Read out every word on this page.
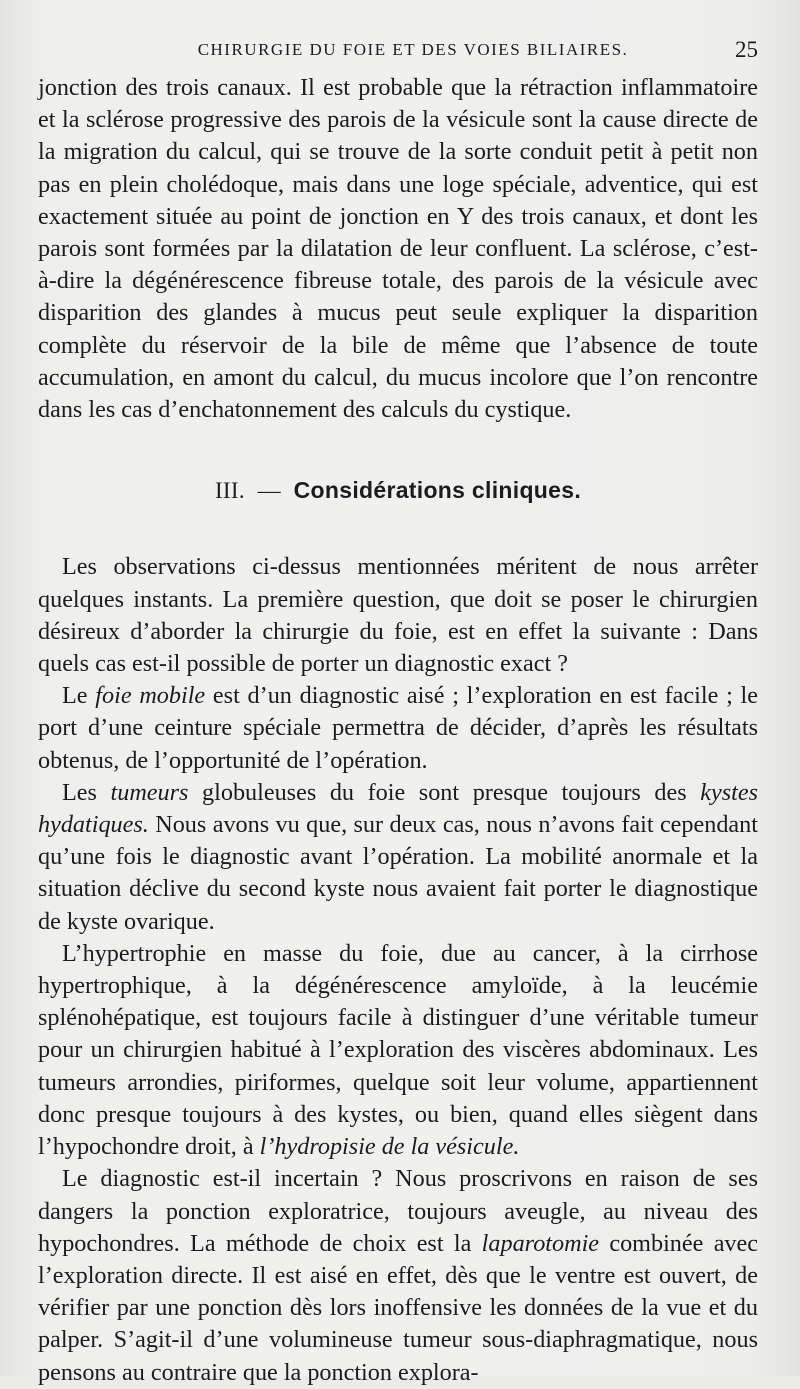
CHIRURGIE DU FOIE ET DES VOIES BILIAIRES.	25

jonction des trois canaux. Il est probable que la rétraction inflammatoire et la sclérose progressive des parois de la vésicule sont la cause directe de la migration du calcul, qui se trouve de la sorte conduit petit à petit non pas en plein cholédoque, mais dans une loge spéciale, adventice, qui est exactement située au point de jonction en Y des trois canaux, et dont les parois sont formées par la dilatation de leur confluent. La sclérose, c’est-à-dire la dégénérescence fibreuse totale, des parois de la vésicule avec disparition des glandes à mucus peut seule expliquer la disparition complète du réservoir de la bile de même que l’absence de toute accumulation, en amont du calcul, du mucus incolore que l’on rencontre dans les cas d’enchatonnement des calculs du cystique.

III. — Considérations cliniques.

Les observations ci-dessus mentionnées méritent de nous arrêter quelques instants. La première question, que doit se poser le chirurgien désireux d’aborder la chirurgie du foie, est en effet la suivante : Dans quels cas est-il possible de porter un diagnostic exact ?

Le foie mobile est d’un diagnostic aisé ; l’exploration en est facile ; le port d’une ceinture spéciale permettra de décider, d’après les résultats obtenus, de l’opportunité de l’opération.

Les tumeurs globuleuses du foie sont presque toujours des kystes hydatiques. Nous avons vu que, sur deux cas, nous n’avons fait cependant qu’une fois le diagnostic avant l’opération. La mobilité anormale et la situation déclive du second kyste nous avaient fait porter le diagnostique de kyste ovarique.

L’hypertrophie en masse du foie, due au cancer, à la cirrhose hypertrophique, à la dégénérescence amyloïde, à la leucémie splénohépatique, est toujours facile à distinguer d’une véritable tumeur pour un chirurgien habitué à l’exploration des viscères abdominaux. Les tumeurs arrondies, piriformes, quelque soit leur volume, appartiennent donc presque toujours à des kystes, ou bien, quand elles siègent dans l’hypochondre droit, à l’hydropisie de la vésicule.

Le diagnostic est-il incertain ? Nous proscrivons en raison de ses dangers la ponction exploratrice, toujours aveugle, au niveau des hypochondres. La méthode de choix est la laparotomie combinée avec l’exploration directe. Il est aisé en effet, dès que le ventre est ouvert, de vérifier par une ponction dès lors inoffensive les données de la vue et du palper. S’agit-il d’une volumineuse tumeur sous-diaphragmatique, nous pensons au contraire que la ponction explora-
